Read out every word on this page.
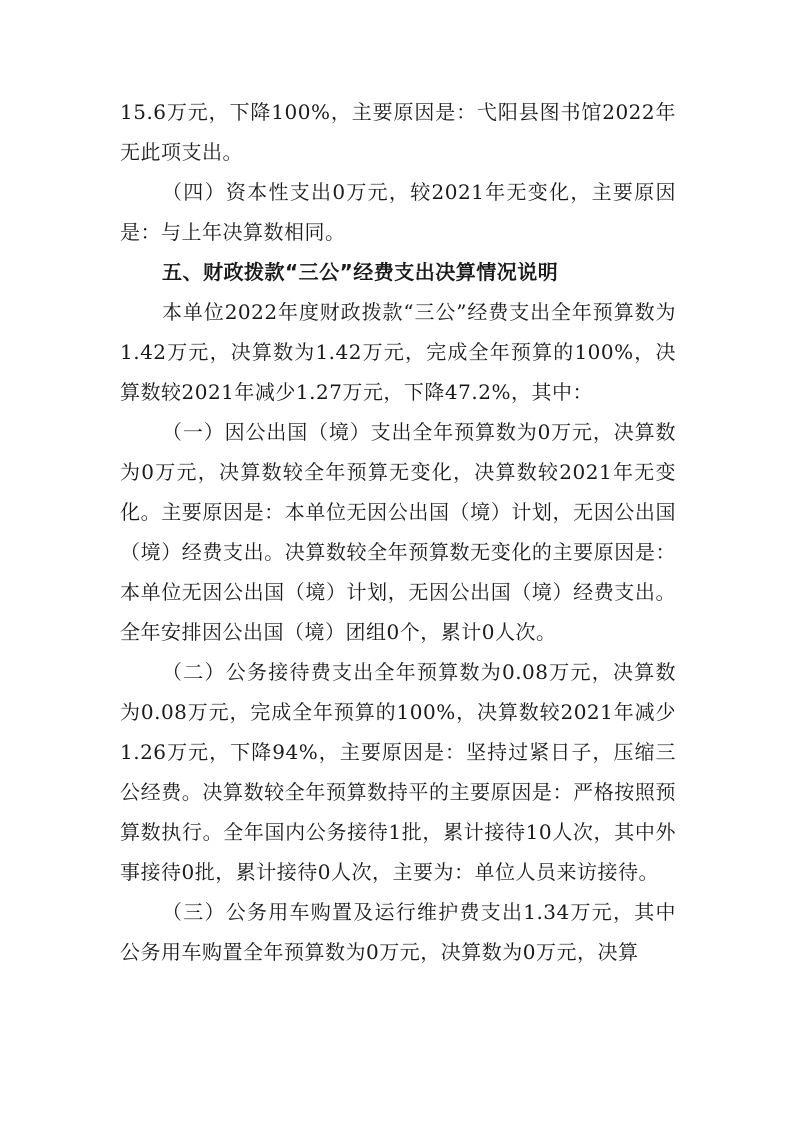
15.6万元，下降100%，主要原因是：弋阳县图书馆2022年无此项支出。

（四）资本性支出0万元，较2021年无变化，主要原因是：与上年决算数相同。

五、财政拨款“三公”经费支出决算情况说明

本单位2022年度财政拨款“三公”经费支出全年预算数为1.42万元，决算数为1.42万元，完成全年预算的100%，决算数较2021年减少1.27万元，下降47.2%，其中：

（一）因公出国（境）支出全年预算数为0万元，决算数为0万元，决算数较全年预算无变化，决算数较2021年无变化。主要原因是：本单位无因公出国（境）计划，无因公出国（境）经费支出。决算数较全年预算数无变化的主要原因是：本单位无因公出国（境）计划，无因公出国（境）经费支出。全年安排因公出国（境）团组0个，累计0人次。

（二）公务接待费支出全年预算数为0.08万元，决算数为0.08万元，完成全年预算的100%，决算数较2021年减少1.26万元，下降94%，主要原因是：坚持过紧日子，压缩三公经费。决算数较全年预算数持平的主要原因是：严格按照预算数执行。全年国内公务接待1批，累计接待10人次，其中外事接待0批，累计接待0人次，主要为：单位人员来访接待。

（三）公务用车购置及运行维护费支出1.34万元，其中公务用车购置全年预算数为0万元，决算数为0万元，决算
